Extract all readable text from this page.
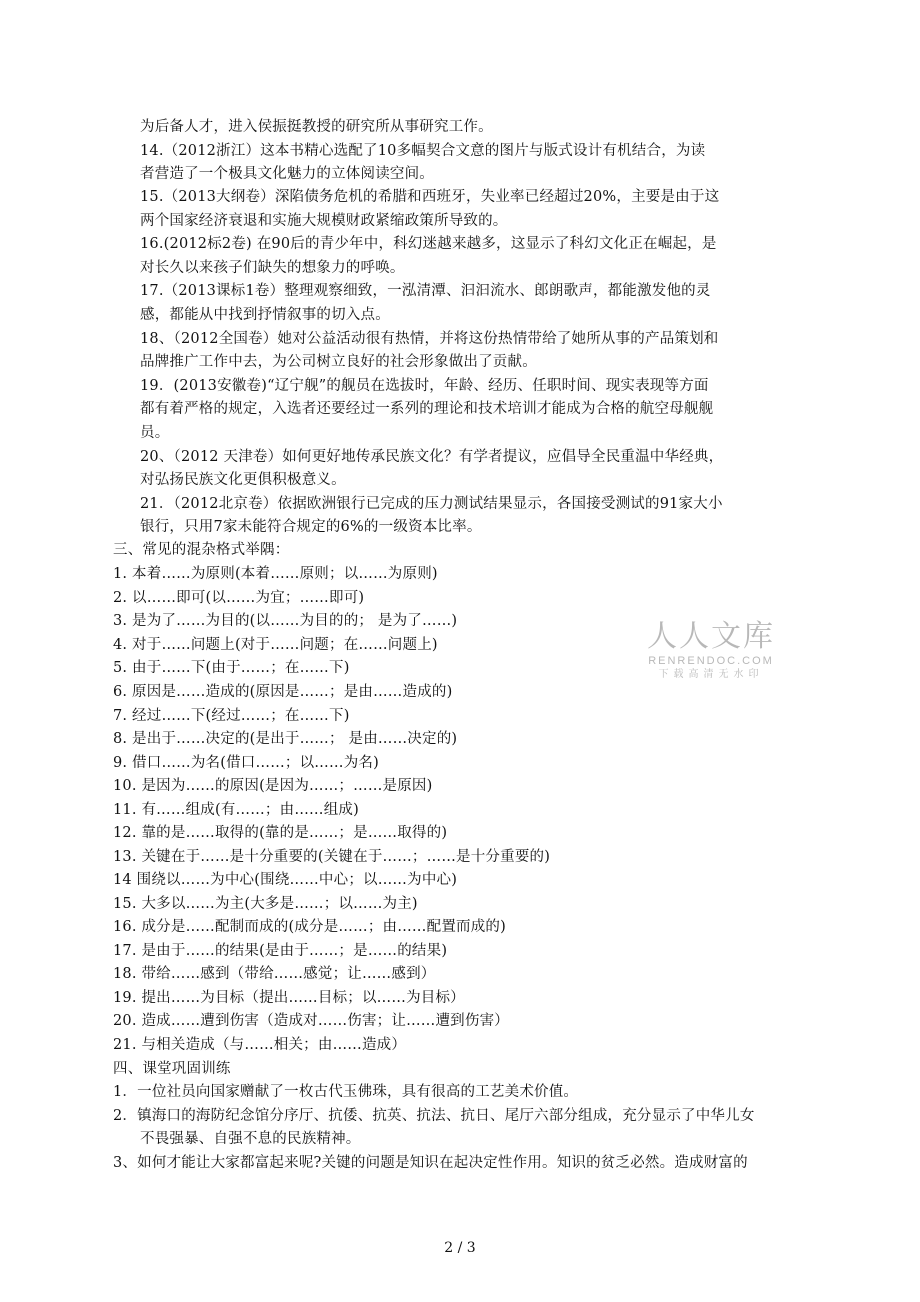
为后备人才，进入侯振挺教授的研究所从事研究工作。
14.（2012浙江）这本书精心选配了10多幅契合文意的图片与版式设计有机结合，为读
者营造了一个极具文化魅力的立体阅读空间。
15.（2013大纲卷）深陷债务危机的希腊和西班牙，失业率已经超过20%，主要是由于这
两个国家经济衰退和实施大规模财政紧缩政策所导致的。
16.(2012标2卷) 在90后的青少年中，科幻迷越来越多，这显示了科幻文化正在崛起，是
对长久以来孩子们缺失的想象力的呼唤。
17.（2013课标1卷）整理观察细致，一泓清潭、汩汩流水、郎朗歌声，都能激发他的灵
感，都能从中找到抒情叙事的切入点。
18、（2012全国卷）她对公益活动很有热情，并将这份热情带给了她所从事的产品策划和
品牌推广工作中去，为公司树立良好的社会形象做出了贡献。
19．(2013安徽卷)“辽宁舰”的舰员在选拔时，年龄、经历、任职时间、现实表现等方面
都有着严格的规定，入选者还要经过一系列的理论和技术培训才能成为合格的航空母舰舰
员。
20、（2012 天津卷）如何更好地传承民族文化？有学者提议，应倡导全民重温中华经典，
对弘扬民族文化更俱积极意义。
21．（2012北京卷）依据欧洲银行已完成的压力测试结果显示，各国接受测试的91家大小
银行，只用7家未能符合规定的6%的一级资本比率。
三、常见的混杂格式举隅：
1. 本着……为原则(本着……原则；以……为原则)
2. 以……即可(以……为宜；……即可)
3. 是为了……为目的(以……为目的的； 是为了……)
4. 对于……问题上(对于……问题；在……问题上)
5. 由于……下(由于……；在……下)
6. 原因是……造成的(原因是……；是由……造成的)
7. 经过……下(经过……；在……下)
8. 是出于……决定的(是出于……； 是由……决定的)
9. 借口……为名(借口……；以……为名)
10. 是因为……的原因(是因为……；……是原因)
11. 有……组成(有……；由……组成)
12. 靠的是……取得的(靠的是……；是……取得的)
13. 关键在于……是十分重要的(关键在于……；……是十分重要的)
14 围绕以……为中心(围绕……中心；以……为中心)
15. 大多以……为主(大多是……；以……为主)
16. 成分是……配制而成的(成分是……；由……配置而成的)
17. 是由于……的结果(是由于……；是……的结果)
18. 带给……感到（带给……感觉；让……感到）
19. 提出……为目标（提出……目标；以……为目标）
20. 造成……遭到伤害（造成对……伤害；让……遭到伤害）
21. 与相关造成（与……相关；由……造成）
四、课堂巩固训练
1．一位社员向国家赠献了一枚古代玉佛珠，具有很高的工艺美术价值。
2．镇海口的海防纪念馆分序厅、抗倭、抗英、抗法、抗日、尾厅六部分组成，充分显示了中华儿女
不畏强暴、自强不息的民族精神。
3、如何才能让大家都富起来呢?关键的问题是知识在起决定性作用。知识的贫乏必然。造成财富的
人人文库
RENRENDOC.COM
下载高清无水印
2 / 3
